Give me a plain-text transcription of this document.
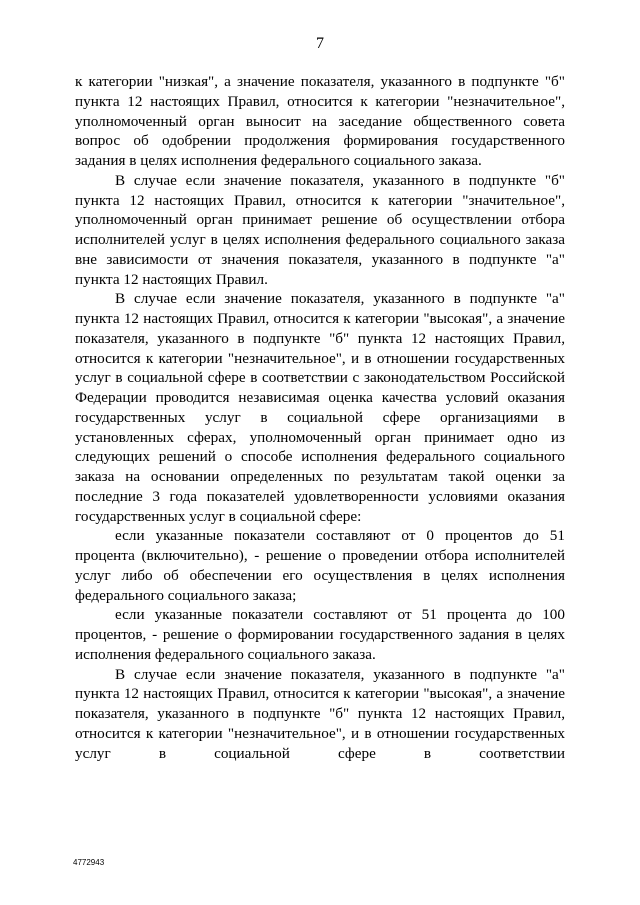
7

к категории "низкая", а значение показателя, указанного в подпункте "б" пункта 12 настоящих Правил, относится к категории "незначительное", уполномоченный орган выносит на заседание общественного совета вопрос об одобрении продолжения формирования государственного задания в целях исполнения федерального социального заказа.

В случае если значение показателя, указанного в подпункте "б" пункта 12 настоящих Правил, относится к категории "значительное", уполномоченный орган принимает решение об осуществлении отбора исполнителей услуг в целях исполнения федерального социального заказа вне зависимости от значения показателя, указанного в подпункте "а" пункта 12 настоящих Правил.

В случае если значение показателя, указанного в подпункте "а" пункта 12 настоящих Правил, относится к категории "высокая", а значение показателя, указанного в подпункте "б" пункта 12 настоящих Правил, относится к категории "незначительное", и в отношении государственных услуг в социальной сфере в соответствии с законодательством Российской Федерации проводится независимая оценка качества условий оказания государственных услуг в социальной сфере организациями в установленных сферах, уполномоченный орган принимает одно из следующих решений о способе исполнения федерального социального заказа на основании определенных по результатам такой оценки за последние 3 года показателей удовлетворенности условиями оказания государственных услуг в социальной сфере:

если указанные показатели составляют от 0 процентов до 51 процента (включительно), - решение о проведении отбора исполнителей услуг либо об обеспечении его осуществления в целях исполнения федерального социального заказа;

если указанные показатели составляют от 51 процента до 100 процентов, - решение о формировании государственного задания в целях исполнения федерального социального заказа.

В случае если значение показателя, указанного в подпункте "а" пункта 12 настоящих Правил, относится к категории "высокая", а значение показателя, указанного в подпункте "б" пункта 12 настоящих Правил, относится к категории "незначительное", и в отношении государственных услуг в социальной сфере в соответствии

4772943
